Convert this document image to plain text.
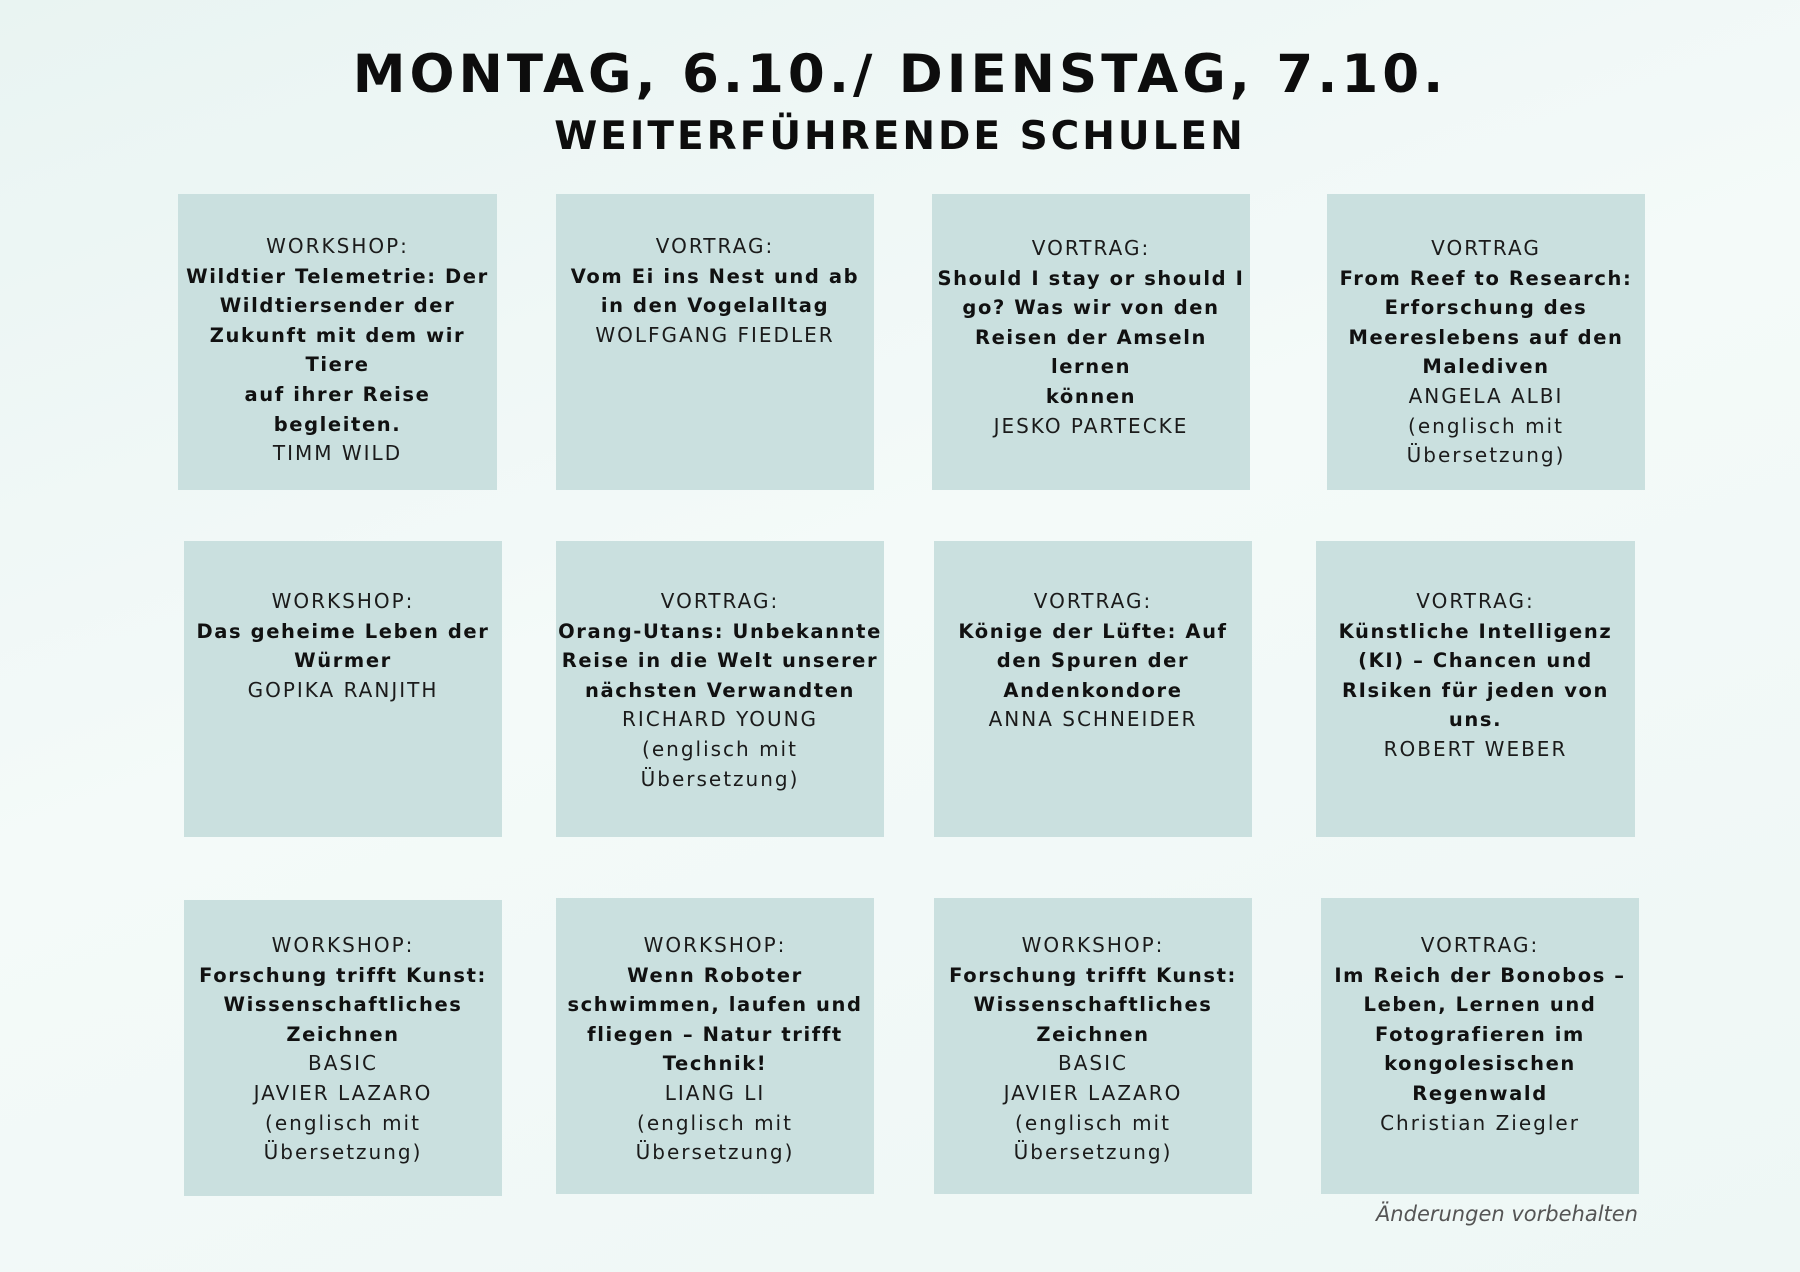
MONTAG, 6.10./ DIENSTAG, 7.10.
WEITERFÜHRENDE SCHULEN
WORKSHOP:
Wildtier Telemetrie: Der
Wildtiersender der
Zukunft mit dem wir Tiere
auf ihrer Reise begleiten.
TIMM WILD
VORTRAG:
Vom Ei ins Nest und ab
in den Vogelalltag
WOLFGANG FIEDLER
VORTRAG:
Should I stay or should I
go? Was wir von den
Reisen der Amseln lernen
können
JESKO PARTECKE
VORTRAG
From Reef to Research:
Erforschung des
Meereslebens auf den
Malediven
ANGELA ALBI
(englisch mit
Übersetzung)
WORKSHOP:
Das geheime Leben der
Würmer
GOPIKA RANJITH
VORTRAG:
Orang-Utans: Unbekannte
Reise in die Welt unserer
nächsten Verwandten
RICHARD YOUNG
(englisch mit
Übersetzung)
VORTRAG:
Könige der Lüfte: Auf
den Spuren der
Andenkondore
ANNA SCHNEIDER
VORTRAG:
Künstliche Intelligenz
(KI) – Chancen und
RIsiken für jeden von
uns.
ROBERT WEBER
WORKSHOP:
Forschung trifft Kunst:
Wissenschaftliches
Zeichnen
BASIC
JAVIER LAZARO
(englisch mit
Übersetzung)
WORKSHOP:
Wenn Roboter
schwimmen, laufen und
fliegen – Natur trifft
Technik!
LIANG LI
(englisch mit
Übersetzung)
WORKSHOP:
Forschung trifft Kunst:
Wissenschaftliches
Zeichnen
BASIC
JAVIER LAZARO
(englisch mit
Übersetzung)
VORTRAG:
Im Reich der Bonobos –
Leben, Lernen und
Fotografieren im
kongolesischen
Regenwald
Christian Ziegler
Änderungen vorbehalten
